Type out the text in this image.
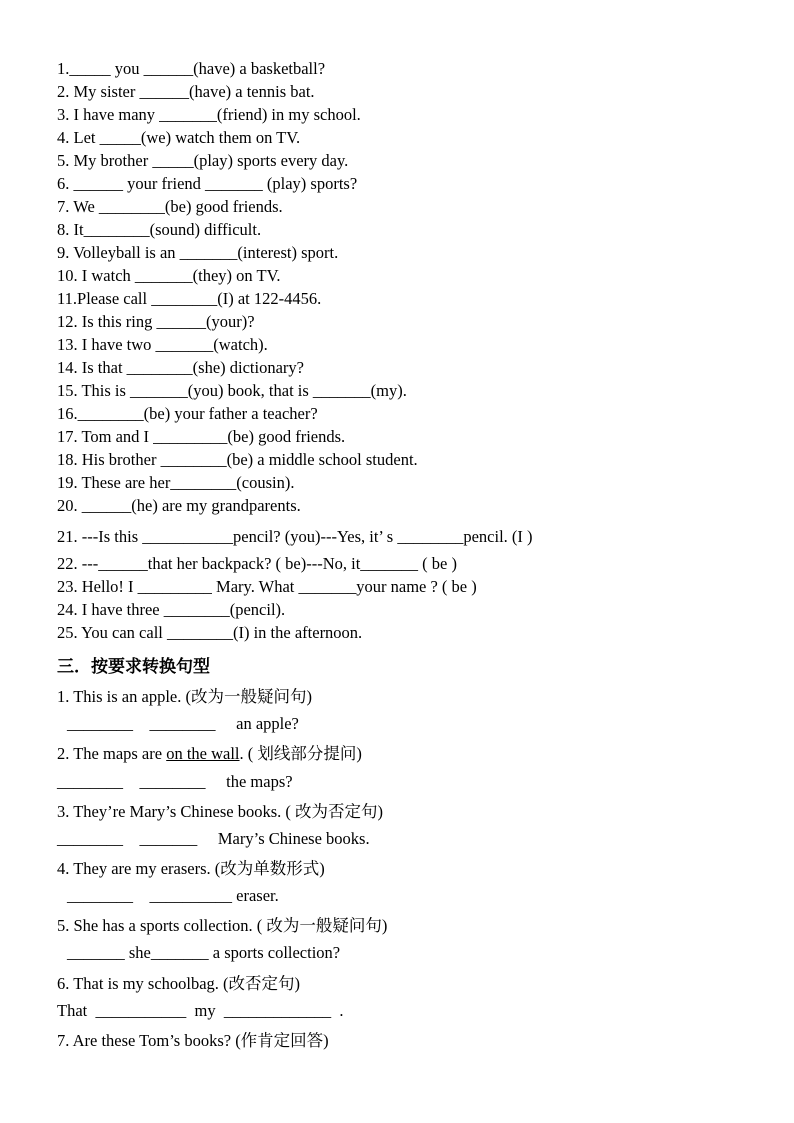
1._____ you ______(have) a basketball?
2. My sister ______(have) a tennis bat.
3. I have many _______(friend) in my school.
4. Let _____(we) watch them on TV.
5. My brother _____(play) sports every day.
6. ______ your friend _______ (play) sports?
7. We ________(be) good friends.
8. It________(sound) difficult.
9. Volleyball is an _______(interest) sport.
10. I watch _______(they) on TV.
11.Please call ________(I) at 122-4456.
12. Is this ring ______(your)?
13. I have two _______(watch).
14. Is that ________(she) dictionary?
15. This is _______(you) book, that is _______(my).
16.________(be) your father a teacher?
17. Tom and I _________(be) good friends.
18. His brother ________(be) a middle school student.
19. These are her________(cousin).
20. ______(he) are my grandparents.
21. ---Is this ___________pencil? (you)---Yes, it’ s ________pencil. (I )
22. ---______that her backpack? ( be)---No, it_______ ( be )
23. Hello! I _________ Mary. What _______your name ? ( be )
24. I have three ________(pencil).
25. You can call ________(I) in the afternoon.
三．按要求转换句型
1. This is an apple. (改为一般疑问句)
________    ________     an apple?
2. The maps are on the wall. ( 划线部分提问)
________    ________     the maps?
3. They’re Mary’s Chinese books. ( 改为否定句)
________    _______     Mary’s Chinese books.
4. They are my erasers. (改为单数形式)
________    __________ eraser.
5. She has a sports collection. ( 改为一般疑问句)
_______ she_______ a sports collection?
6. That is my schoolbag. (改否定句)
That  ___________  my  _____________  .
7. Are these Tom’s books? (作肯定回答)
